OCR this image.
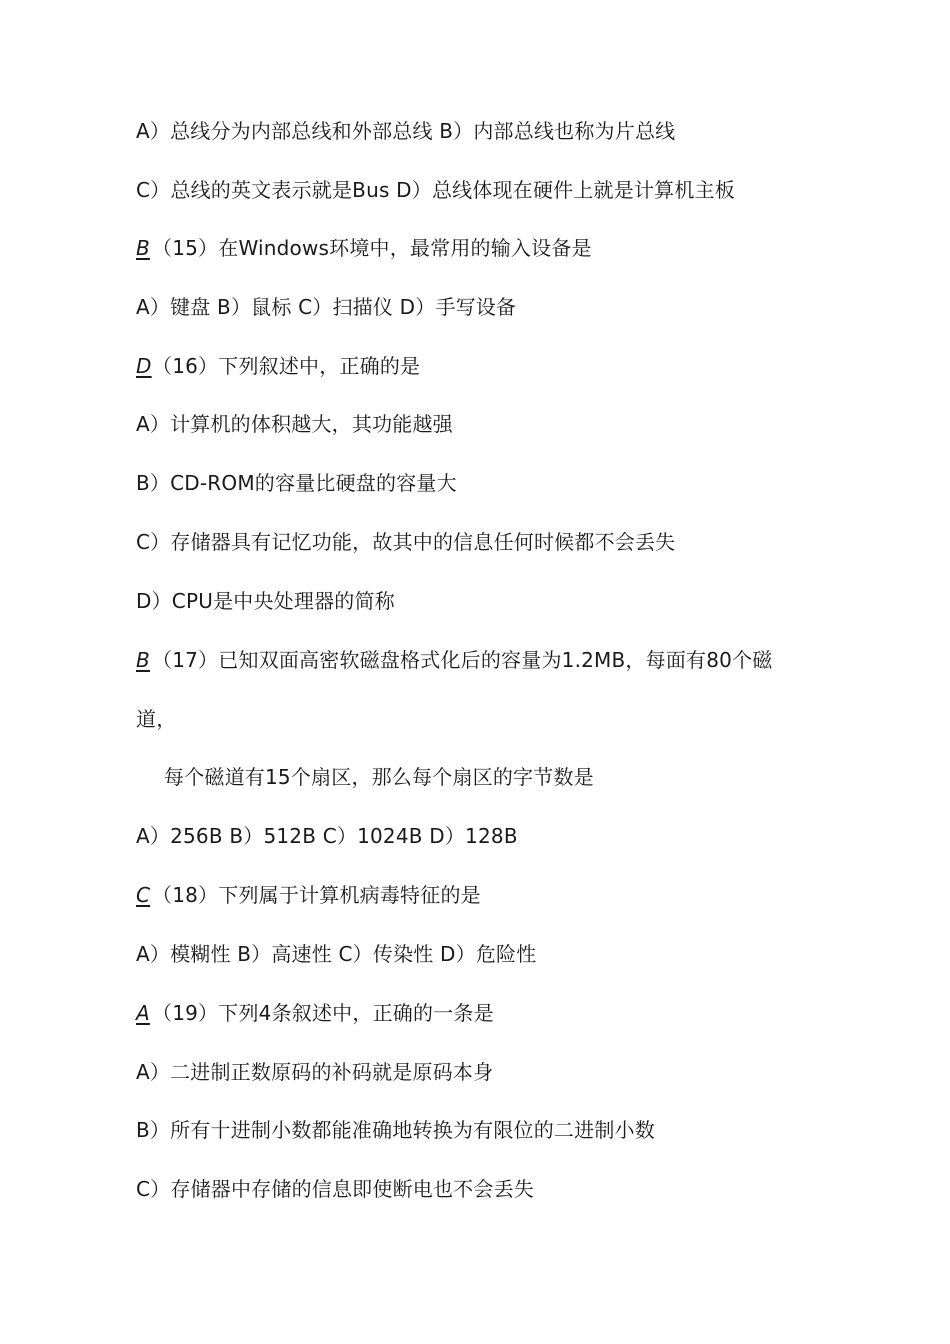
A）总线分为内部总线和外部总线 B）内部总线也称为片总线
C）总线的英文表示就是Bus D）总线体现在硬件上就是计算机主板
B （15）在Windows环境中，最常用的输入设备是
A）键盘 B）鼠标 C）扫描仪 D）手写设备
D（16）下列叙述中，正确的是
A）计算机的体积越大，其功能越强
B）CD-ROM的容量比硬盘的容量大
C）存储器具有记忆功能，故其中的信息任何时候都不会丢失
D）CPU是中央处理器的简称
B （17）已知双面高密软磁盘格式化后的容量为1.2MB，每面有80个磁
道，
每个磁道有15个扇区，那么每个扇区的字节数是
A）256B B）512B C）1024B D）128B
C（18）下列属于计算机病毒特征的是
A）模糊性 B）高速性 C）传染性 D）危险性
A （19）下列4条叙述中，正确的一条是
A）二进制正数原码的补码就是原码本身
B）所有十进制小数都能准确地转换为有限位的二进制小数
C）存储器中存储的信息即使断电也不会丢失
